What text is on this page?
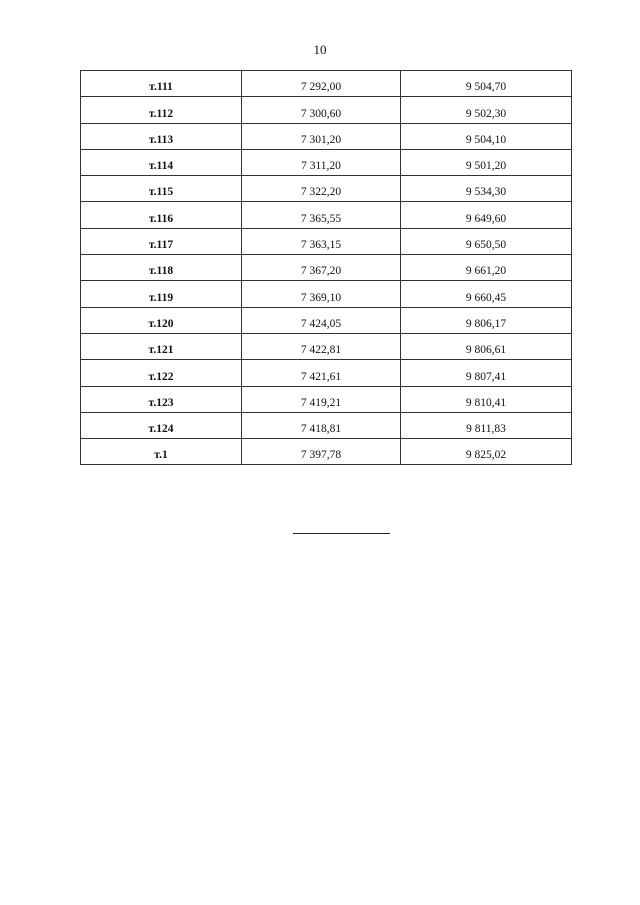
10
т.111	7 292,00	9 504,70
т.112	7 300,60	9 502,30
т.113	7 301,20	9 504,10
т.114	7 311,20	9 501,20
т.115	7 322,20	9 534,30
т.116	7 365,55	9 649,60
т.117	7 363,15	9 650,50
т.118	7 367,20	9 661,20
т.119	7 369,10	9 660,45
т.120	7 424,05	9 806,17
т.121	7 422,81	9 806,61
т.122	7 421,61	9 807,41
т.123	7 419,21	9 810,41
т.124	7 418,81	9 811,83
т.1	7 397,78	9 825,02
